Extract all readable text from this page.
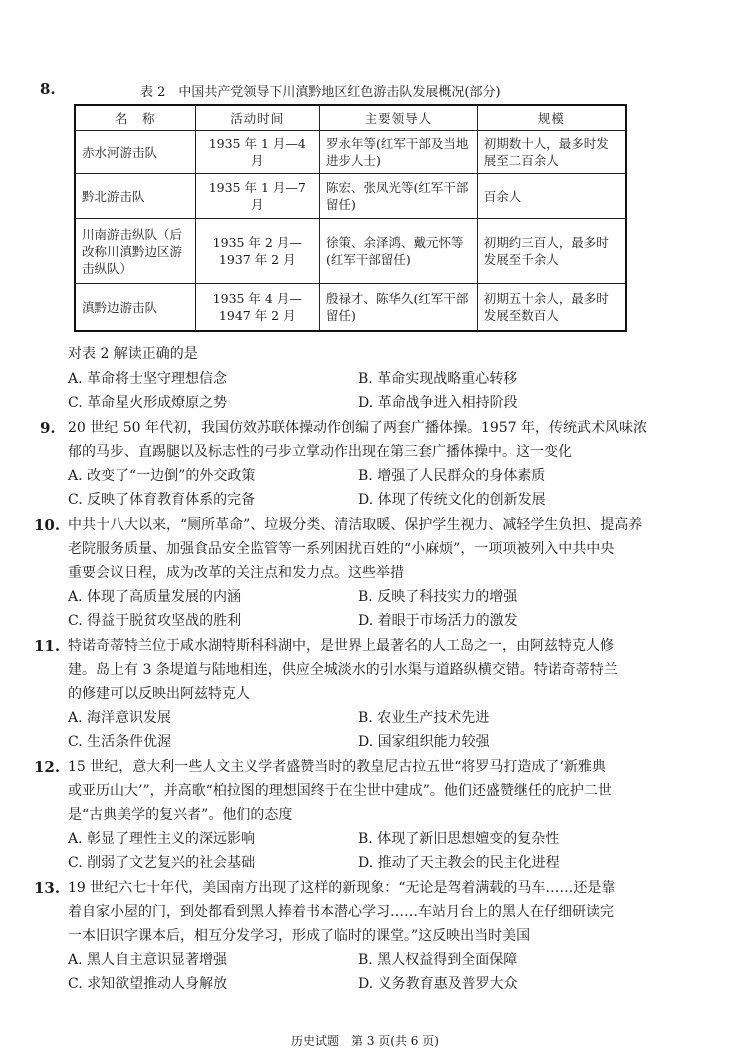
8.	表 2　中国共产党领导下川滇黔地区红色游击队发展概况(部分)
名　称	活动时间	主要领导人	规模
赤水河游击队	1935 年 1 月—4 月	罗永年等(红军干部及当地进步人士)	初期数十人，最多时发展至二百余人
黔北游击队	1935 年 1 月—7 月	陈宏、张凤光等(红军干部留任)	百余人
川南游击纵队（后改称川滇黔边区游击纵队）	1935 年 2 月—1937 年 2 月	徐策、余泽鸿、戴元怀等(红军干部留任)	初期约三百人，最多时发展至千余人
滇黔边游击队	1935 年 4 月—1947 年 2 月	殷禄才、陈华久(红军干部留任)	初期五十余人，最多时发展至数百人
对表 2 解读正确的是
A. 革命将士坚守理想信念	B. 革命实现战略重心转移
C. 革命星火形成燎原之势	D. 革命战争进入相持阶段
9. 20 世纪 50 年代初，我国仿效苏联体操动作创编了两套广播体操。1957 年，传统武术风味浓
郁的马步、直踢腿以及标志性的弓步立掌动作出现在第三套广播体操中。这一变化
A. 改变了“一边倒”的外交政策	B. 增强了人民群众的身体素质
C. 反映了体育教育体系的完备	D. 体现了传统文化的创新发展
10. 中共十八大以来，“厕所革命”、垃圾分类、清洁取暖、保护学生视力、减轻学生负担、提高养
老院服务质量、加强食品安全监管等一系列困扰百姓的“小麻烦”，一项项被列入中共中央
重要会议日程，成为改革的关注点和发力点。这些举措
A. 体现了高质量发展的内涵	B. 反映了科技实力的增强
C. 得益于脱贫攻坚战的胜利	D. 着眼于市场活力的激发
11. 特诺奇蒂特兰位于咸水湖特斯科科湖中，是世界上最著名的人工岛之一，由阿兹特克人修
建。岛上有 3 条堤道与陆地相连，供应全城淡水的引水渠与道路纵横交错。特诺奇蒂特兰
的修建可以反映出阿兹特克人
A. 海洋意识发展	B. 农业生产技术先进
C. 生活条件优渥	D. 国家组织能力较强
12. 15 世纪，意大利一些人文主义学者盛赞当时的教皇尼古拉五世“将罗马打造成了‘新雅典
或亚历山大’”，并高歌“柏拉图的理想国终于在尘世中建成”。他们还盛赞继任的庇护二世
是“古典美学的复兴者”。他们的态度
A. 彰显了理性主义的深远影响	B. 体现了新旧思想嬗变的复杂性
C. 削弱了文艺复兴的社会基础	D. 推动了天主教会的民主化进程
13. 19 世纪六七十年代，美国南方出现了这样的新现象：“无论是驾着满载的马车……还是靠
着自家小屋的门，到处都看到黑人捧着书本潜心学习……车站月台上的黑人在仔细研读完
一本旧识字课本后，相互分发学习，形成了临时的课堂。”这反映出当时美国
A. 黑人自主意识显著增强	B. 黑人权益得到全面保障
C. 求知欲望推动人身解放	D. 义务教育惠及普罗大众
历史试题　第 3 页(共 6 页)
